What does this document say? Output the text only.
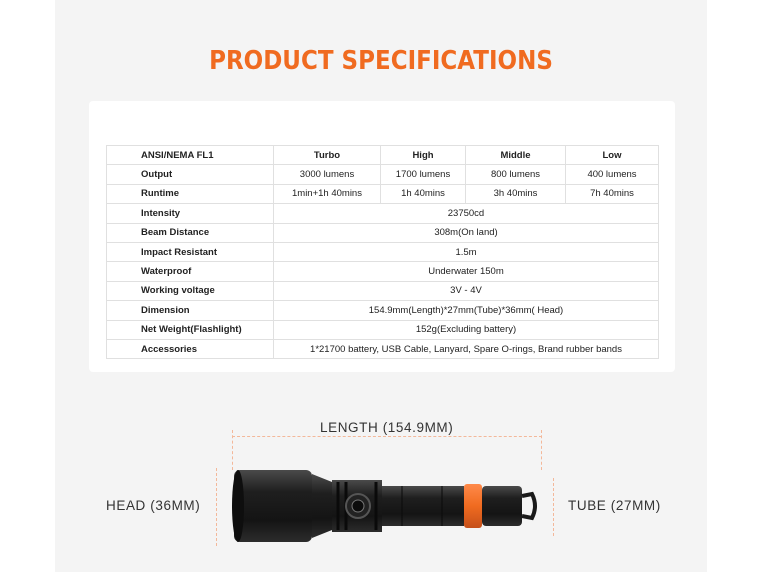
PRODUCT SPECIFICATIONS
ANSI/NEMA FL1	Turbo	High	Middle	Low
Output	3000 lumens	1700 lumens	800 lumens	400 lumens
Runtime	1min+1h 40mins	1h 40mins	3h 40mins	7h 40mins
Intensity	23750cd			
Beam Distance	308m(On land)			
Impact Resistant	1.5m			
Waterproof	Underwater 150m			
Working voltage	3V - 4V			
Dimension	154.9mm(Length)*27mm(Tube)*36mm( Head)			
Net Weight(Flashlight)	152g(Excluding battery)			
Accessories	1*21700 battery, USB Cable, Lanyard, Spare O-rings, Brand rubber bands			
LENGTH (154.9MM)
HEAD (36MM)	TUBE (27MM)
